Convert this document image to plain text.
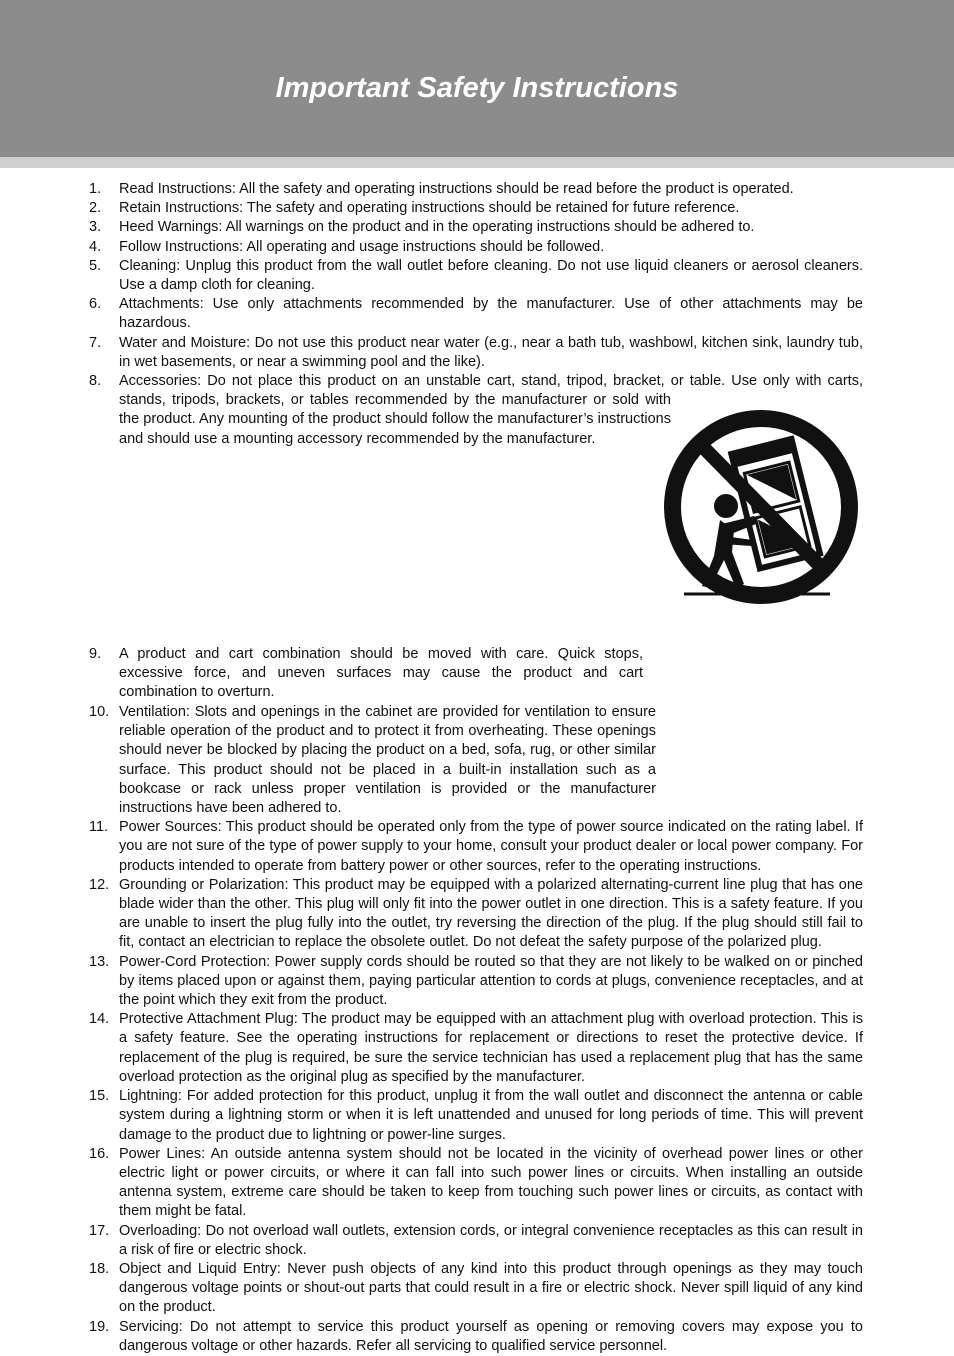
Important Safety Instructions
1.	Read Instructions: All the safety and operating instructions should be read before the product is operated.
2.	Retain Instructions: The safety and operating instructions should be retained for future reference.
3.	Heed Warnings: All warnings on the product and in the operating instructions should be adhered to.
4.	Follow Instructions: All operating and usage instructions should be followed.
5.	Cleaning: Unplug this product from the wall outlet before cleaning. Do not use liquid cleaners or aerosol cleaners. Use a damp cloth for cleaning.
6.	Attachments: Use only attachments recommended by the manufacturer. Use of other attachments may be hazardous.
7.	Water and Moisture: Do not use this product near water (e.g., near a bath tub, washbowl, kitchen sink, laundry tub, in wet basements, or near a swimming pool and the like).
8.	Accessories: Do not place this product on an unstable cart, stand, tripod, bracket, or table. Use only with carts, stands, tripods, brackets, or tables recommended by the manufacturer or sold with the product. Any mounting of the product should follow the manufacturer’s instructions and should use a mounting accessory recommended by the manufacturer.
9.	A product and cart combination should be moved with care. Quick stops, excessive force, and uneven surfaces may cause the product and cart combination to overturn.
10. Ventilation: Slots and openings in the cabinet are provided for ventilation to ensure reliable operation of the product and to protect it from overheating. These openings should never be blocked by placing the product on a bed, sofa, rug, or other similar surface. This product should not be placed in a built-in installation such as a bookcase or rack unless proper ventilation is provided or the manufacturer instructions have been adhered to.
11. Power Sources: This product should be operated only from the type of power source indicated on the rating label. If you are not sure of the type of power supply to your home, consult your product dealer or local power company. For products intended to operate from battery power or other sources, refer to the operating instructions.
12. Grounding or Polarization: This product may be equipped with a polarized alternating-current line plug that has one blade wider than the other. This plug will only fit into the power outlet in one direction. This is a safety feature. If you are unable to insert the plug fully into the outlet, try reversing the direction of the plug. If the plug should still fail to fit, contact an electrician to replace the obsolete outlet. Do not defeat the safety purpose of the polarized plug.
13. Power-Cord Protection: Power supply cords should be routed so that they are not likely to be walked on or pinched by items placed upon or against them, paying particular attention to cords at plugs, convenience receptacles, and at the point which they exit from the product.
14. Protective Attachment Plug: The product may be equipped with an attachment plug with overload protection. This is a safety feature. See the operating instructions for replacement or directions to reset the protective device. If replacement of the plug is required, be sure the service technician has used a replacement plug that has the same overload protection as the original plug as specified by the manufacturer.
15. Lightning: For added protection for this product, unplug it from the wall outlet and disconnect the antenna or cable system during a lightning storm or when it is left unattended and unused for long periods of time. This will prevent damage to the product due to lightning or power-line surges.
16. Power Lines: An outside antenna system should not be located in the vicinity of overhead power lines or other electric light or power circuits, or where it can fall into such power lines or circuits. When installing an outside antenna system, extreme care should be taken to keep from touching such power lines or circuits, as contact with them might be fatal.
17. Overloading: Do not overload wall outlets, extension cords, or integral convenience receptacles as this can result in a risk of fire or electric shock.
18. Object and Liquid Entry: Never push objects of any kind into this product through openings as they may touch dangerous voltage points or shout-out parts that could result in a fire or electric shock. Never spill liquid of any kind on the product.
19. Servicing: Do not attempt to service this product yourself as opening or removing covers may expose you to dangerous voltage or other hazards. Refer all servicing to qualified service personnel.
